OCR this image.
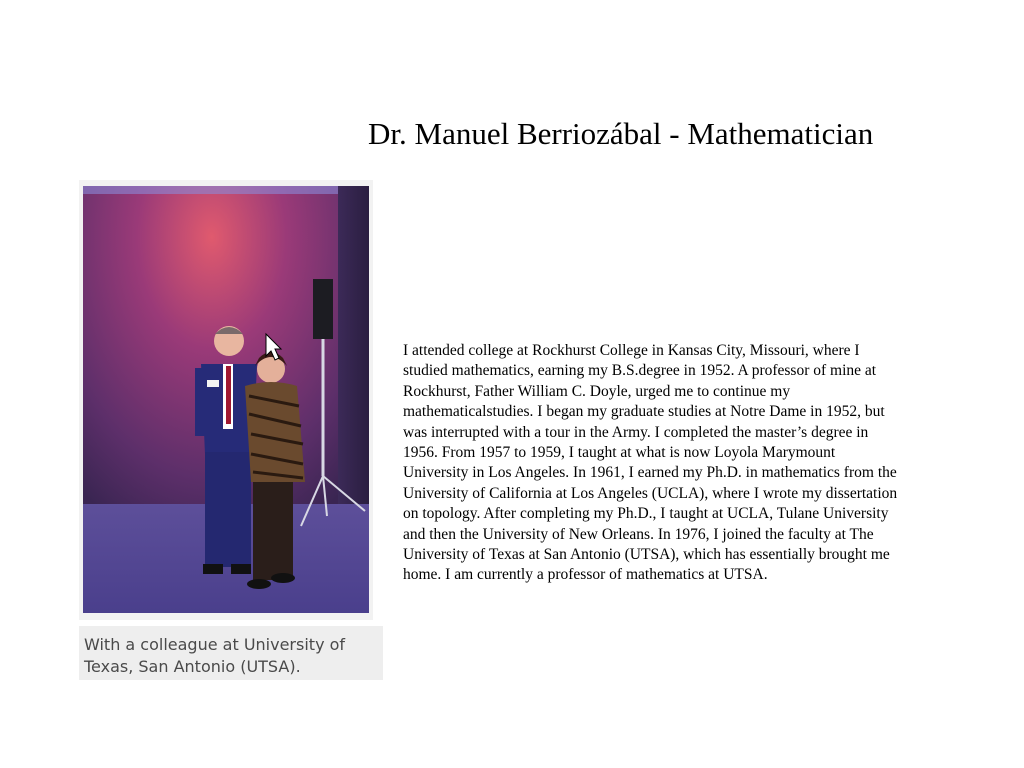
Dr. Manuel Berriozábal - Mathematician

With a colleague at University of Texas, San Antonio (UTSA).

I attended college at Rockhurst College in Kansas City, Missouri, where I studied mathematics, earning my B.S.degree in 1952. A professor of mine at Rockhurst, Father William C. Doyle, urged me to continue my mathematicalstudies. I began my graduate studies at Notre Dame in 1952, but was interrupted with a tour in the Army. I completed the master’s degree in 1956. From 1957 to 1959, I taught at what is now Loyola Marymount University in Los Angeles. In 1961, I earned my Ph.D. in mathematics from the University of California at Los Angeles (UCLA), where I wrote my dissertation on topology. After completing my Ph.D., I taught at UCLA, Tulane University and then the University of New Orleans. In 1976, I joined the faculty at The University of Texas at San Antonio (UTSA), which has essentially brought me home. I am currently a professor of mathematics at UTSA.
